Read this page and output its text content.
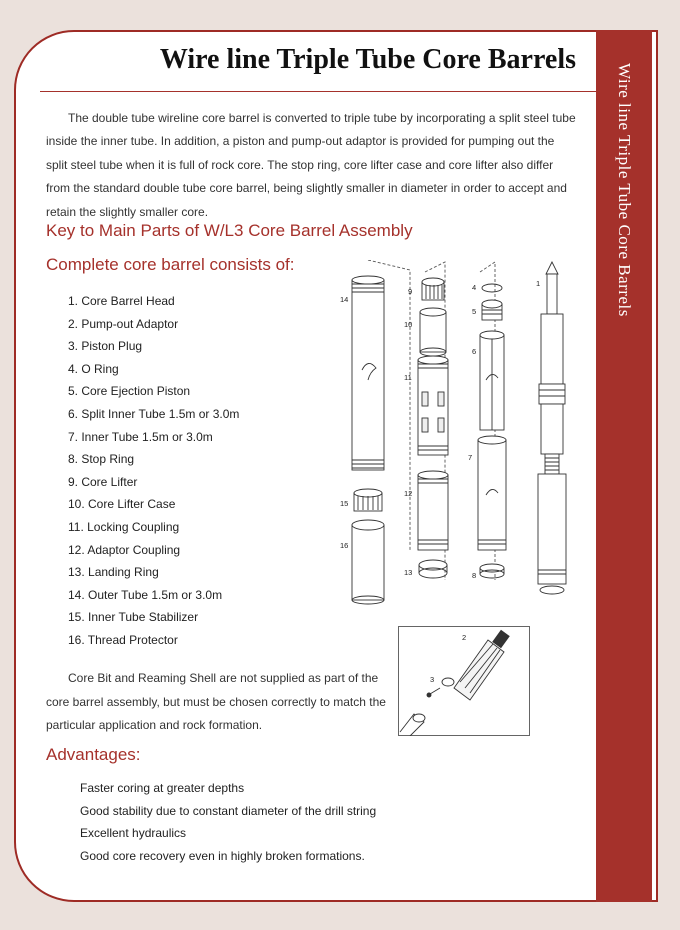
Wire line Triple Tube Core Barrels
Wire line Triple Tube Core Barrels

The double tube wireline core barrel is converted to triple tube by incorporating a split steel tube inside the inner tube. In addition, a piston and pump-out adaptor is provided for pumping out the split steel tube when it is full of rock core. The stop ring, core lifter case and core lifter also differ from the standard double tube core barrel, being slightly smaller in diameter in order to accept and retain the slightly smaller core.

Key to Main Parts of W/L3 Core Barrel Assembly
Complete core barrel consists of:
1. Core Barrel Head
2. Pump-out Adaptor
3. Piston Plug
4. O Ring
5. Core Ejection Piston
6. Split Inner Tube 1.5m or 3.0m
7. Inner Tube 1.5m or 3.0m
8. Stop Ring
9. Core Lifter
10. Core Lifter Case
11. Locking Coupling
12. Adaptor Coupling
13. Landing Ring
14. Outer Tube 1.5m or 3.0m
15. Inner Tube Stabilizer
16. Thread Protector
14
15
16
9
10
11
12
13
4
5
6
7
8
1
2
3

Core Bit and Reaming Shell are not supplied as part of the core barrel assembly, but must be chosen correctly to match the particular application and rock formation.

Advantages:
Faster coring at greater depths
Good stability due to constant diameter of the drill string
Excellent hydraulics
Good core recovery even in highly broken formations.
